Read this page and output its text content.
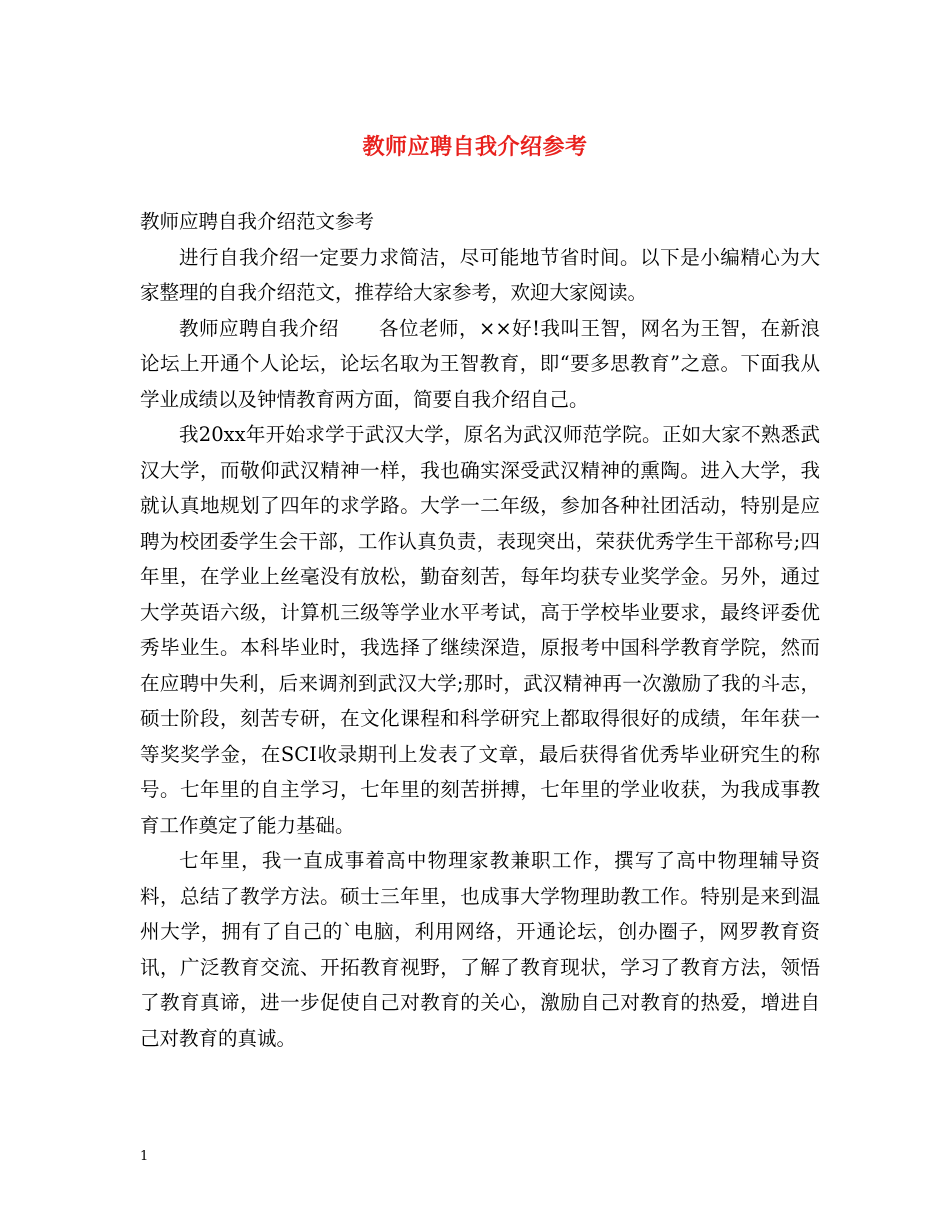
教师应聘自我介绍参考

教师应聘自我介绍范文参考

进行自我介绍一定要力求简洁，尽可能地节省时间。以下是小编精心为大家整理的自我介绍范文，推荐给大家参考，欢迎大家阅读。

教师应聘自我介绍　　各位老师，××好!我叫王智，网名为王智，在新浪论坛上开通个人论坛，论坛名取为王智教育，即“要多思教育”之意。下面我从学业成绩以及钟情教育两方面，简要自我介绍自己。

我20xx年开始求学于武汉大学，原名为武汉师范学院。正如大家不熟悉武汉大学，而敬仰武汉精神一样，我也确实深受武汉精神的熏陶。进入大学，我就认真地规划了四年的求学路。大学一二年级，参加各种社团活动，特别是应聘为校团委学生会干部，工作认真负责，表现突出，荣获优秀学生干部称号;四年里，在学业上丝毫没有放松，勤奋刻苦，每年均获专业奖学金。另外，通过大学英语六级，计算机三级等学业水平考试，高于学校毕业要求，最终评委优秀毕业生。本科毕业时，我选择了继续深造，原报考中国科学教育学院，然而在应聘中失利，后来调剂到武汉大学;那时，武汉精神再一次激励了我的斗志，硕士阶段，刻苦专研，在文化课程和科学研究上都取得很好的成绩，年年获一等奖奖学金，在SCI收录期刊上发表了文章，最后获得省优秀毕业研究生的称号。七年里的自主学习，七年里的刻苦拼搏，七年里的学业收获，为我成事教育工作奠定了能力基础。

七年里，我一直成事着高中物理家教兼职工作，撰写了高中物理辅导资料，总结了教学方法。硕士三年里，也成事大学物理助教工作。特别是来到温州大学，拥有了自己的`电脑，利用网络，开通论坛，创办圈子，网罗教育资讯，广泛教育交流、开拓教育视野，了解了教育现状，学习了教育方法，领悟了教育真谛，进一步促使自己对教育的关心，激励自己对教育的热爱，增进自己对教育的真诚。

1
